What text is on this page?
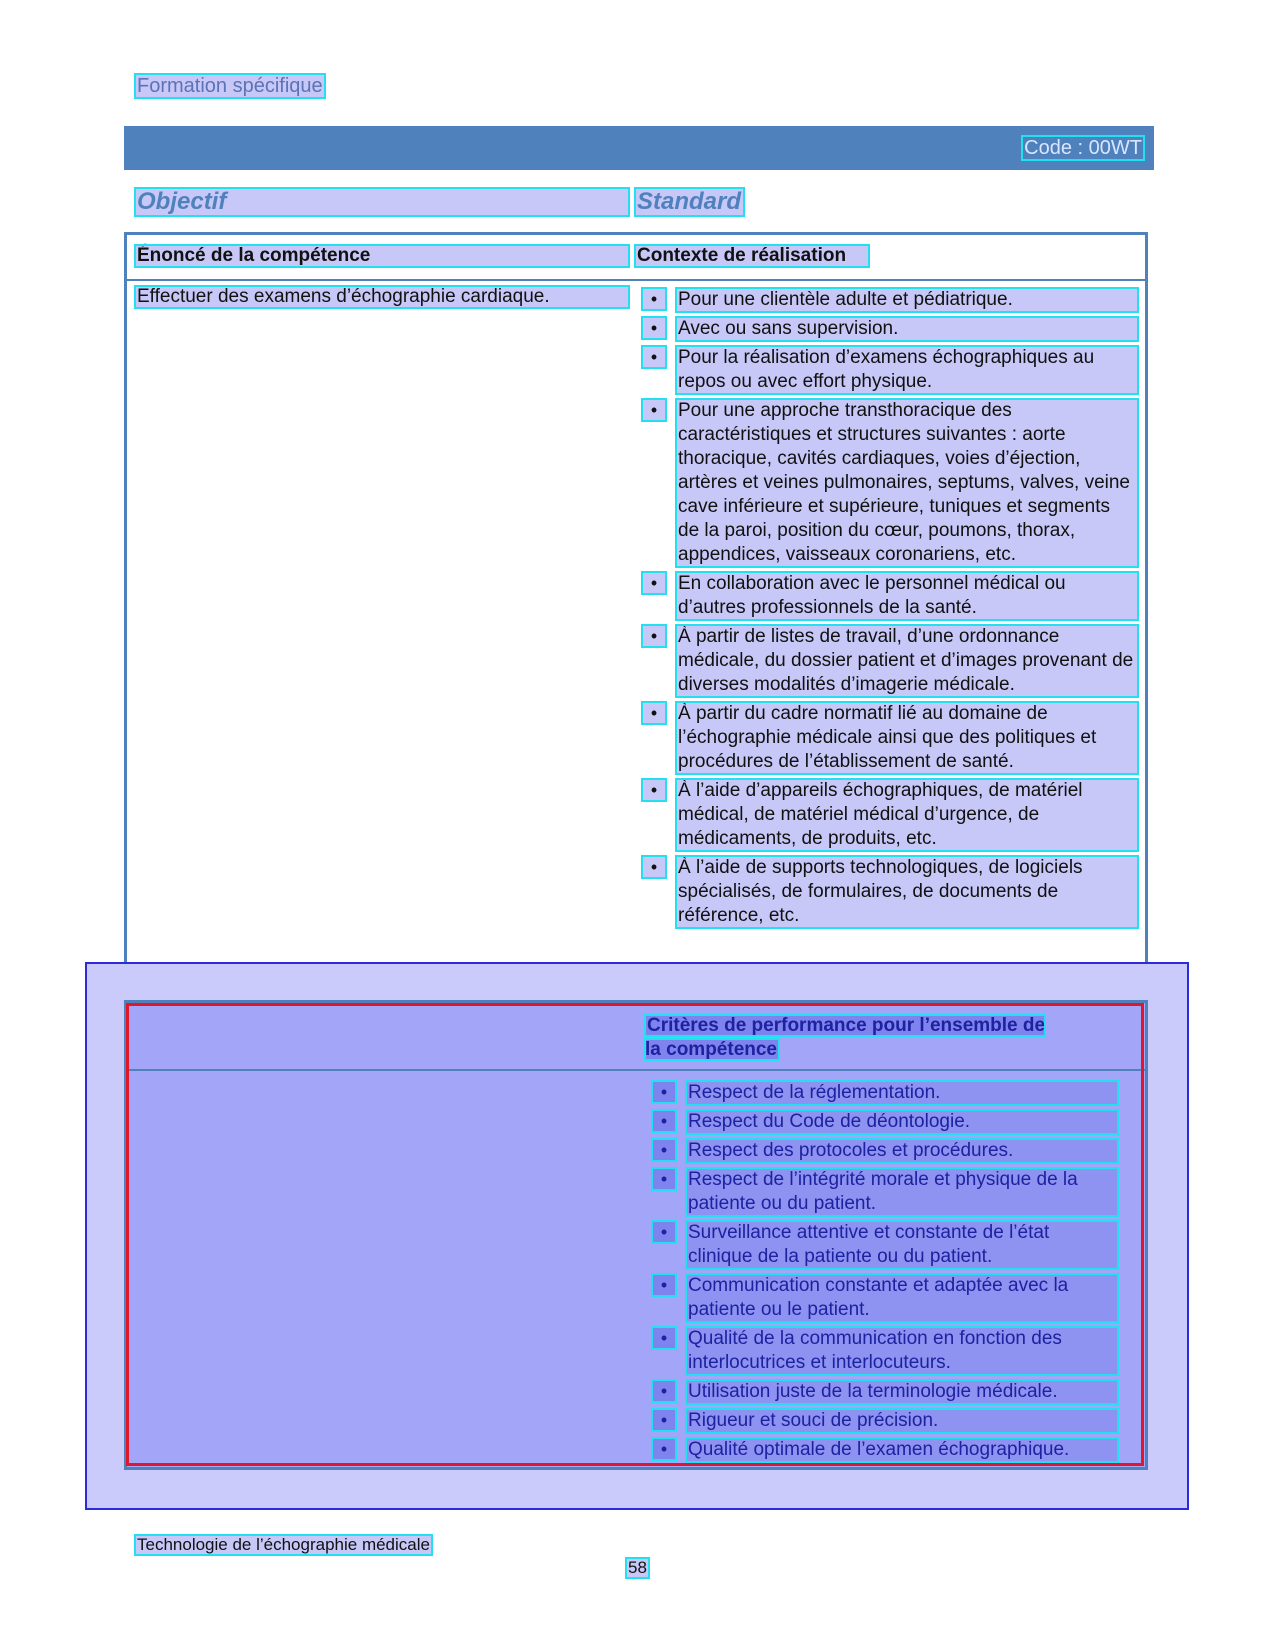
Formation spécifique
Code : 00WT
Objectif	Standard
Énoncé de la compétence	Contexte de réalisation
Effectuer des examens d’échographie cardiaque.	•	Pour une clientèle adulte et pédiatrique.
•	Avec ou sans supervision.
•	Pour la réalisation d’examens échographiques au repos ou avec effort physique.
•	Pour une approche transthoracique des caractéristiques et structures suivantes : aorte thoracique, cavités cardiaques, voies d’éjection, artères et veines pulmonaires, septums, valves, veine cave inférieure et supérieure, tuniques et segments de la paroi, position du cœur, poumons, thorax, appendices, vaisseaux coronariens, etc.
•	En collaboration avec le personnel médical ou d’autres professionnels de la santé.
•	À partir de listes de travail, d’une ordonnance médicale, du dossier patient et d’images provenant de diverses modalités d’imagerie médicale.
•	À partir du cadre normatif lié au domaine de l’échographie médicale ainsi que des politiques et procédures de l’établissement de santé.
•	À l’aide d’appareils échographiques, de matériel médical, de matériel médical d’urgence, de médicaments, de produits, etc.
•	À l’aide de supports technologiques, de logiciels spécialisés, de formulaires, de documents de référence, etc.
Critères de performance pour l’ensemble de la compétence
•	Respect de la réglementation.
•	Respect du Code de déontologie.
•	Respect des protocoles et procédures.
•	Respect de l’intégrité morale et physique de la patiente ou du patient.
•	Surveillance attentive et constante de l’état clinique de la patiente ou du patient.
•	Communication constante et adaptée avec la patiente ou le patient.
•	Qualité de la communication en fonction des interlocutrices et interlocuteurs.
•	Utilisation juste de la terminologie médicale.
•	Rigueur et souci de précision.
•	Qualité optimale de l’examen échographique.
Technologie de l’échographie médicale
58
